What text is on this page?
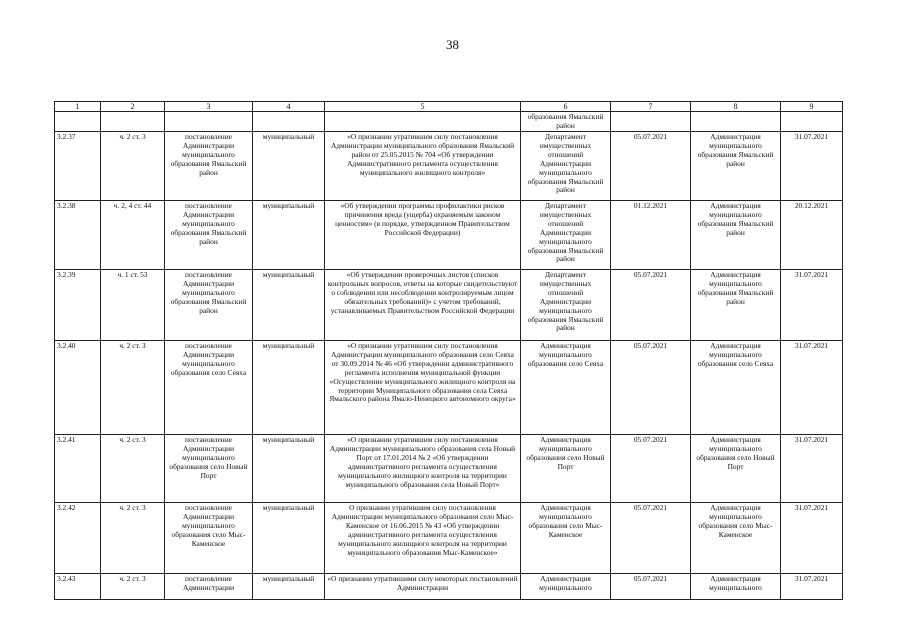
38
1	2	3	4	5	6	7	8	9
					образования Ямальский район			
3.2.37	ч. 2 ст. 3	постановление Администрации муниципального образования Ямальский район	муниципальный	«О признании утратившим силу постановления Администрации муниципального образования Ямальский район от 25.05.2015 № 704 «Об утверждении Административного регламента осуществления муниципального жилищного контроля»	Департамент имущественных отношений Администрации муниципального образования Ямальский район	05.07.2021	Администрация муниципального образования Ямальский район	31.07.2021
3.2.38	ч. 2, 4 ст. 44	постановление Администрации муниципального образования Ямальский район	муниципальный	«Об утверждении программы профилактики рисков причинения вреда (ущерба) охраняемым законом ценностям» (в порядке, утвержденном Правительством Российской Федерации)	Департамент имущественных отношений Администрации муниципального образования Ямальский район	01.12.2021	Администрация муниципального образования Ямальский район	20.12.2021
3.2.39	ч. 1 ст. 53	постановление Администрации муниципального образования Ямальский район	муниципальный	«Об утверждении проверочных листов (списков контрольных вопросов, ответы на которые свидетельствуют о соблюдении или несоблюдении контролируемым лицом обязательных требований)» с учетом требований, устанавливаемых Правительством Российской Федерации	Департамент имущественных отношений Администрации муниципального образования Ямальский район	05.07.2021	Администрация муниципального образования Ямальский район	31.07.2021
3.2.40	ч. 2 ст. 3	постановление Администрации муниципального образования село Сеяха	муниципальный	«О признании утратившим силу постановления Администрации муниципального образования село Сеяха от 30.09.2014 № 46 «Об утверждении административного регламента исполнения муниципальной функции «Осуществление муниципального жилищного контроля на территории Муниципального образования села Сеяха Ямальского района Ямало-Ненецкого автономного округа»	Администрация муниципального образования село Сеяха	05.07.2021	Администрация муниципального образования село Сеяха	31.07.2021
3.2.41	ч. 2 ст. 3	постановление Администрации муниципального образования село Новый Порт	муниципальный	«О признании утратившим силу постановления Администрации муниципального образования села Новый Порт от 17.01.2014 № 2 «Об утверждении административного регламента осуществления муниципального жилищного контроля на территории муниципального образования села Новый Порт»	Администрация муниципального образования село Новый Порт	05.07.2021	Администрация муниципального образования село Новый Порт	31.07.2021
3.2.42	ч. 2 ст. 3	постановление Администрации муниципального образования село Мыс-Каменское	муниципальный	О признании утратившим силу постановления Администрации муниципального образования село Мыс-Каменское от 16.06.2015 № 43 «Об утверждении административного регламента осуществления муниципального жилищного контроля на территории муниципального образования Мыс-Каменское»	Администрация муниципального образования село Мыс-Каменское	05.07.2021	Администрация муниципального образования село Мыс-Каменское	31.07.2021
3.2.43	ч. 2 ст. 3	постановление Администрации	муниципальный	«О признании утратившими силу некоторых постановлений Администрации	Администрация муниципального	05.07.2021	Администрация муниципального	31.07.2021
